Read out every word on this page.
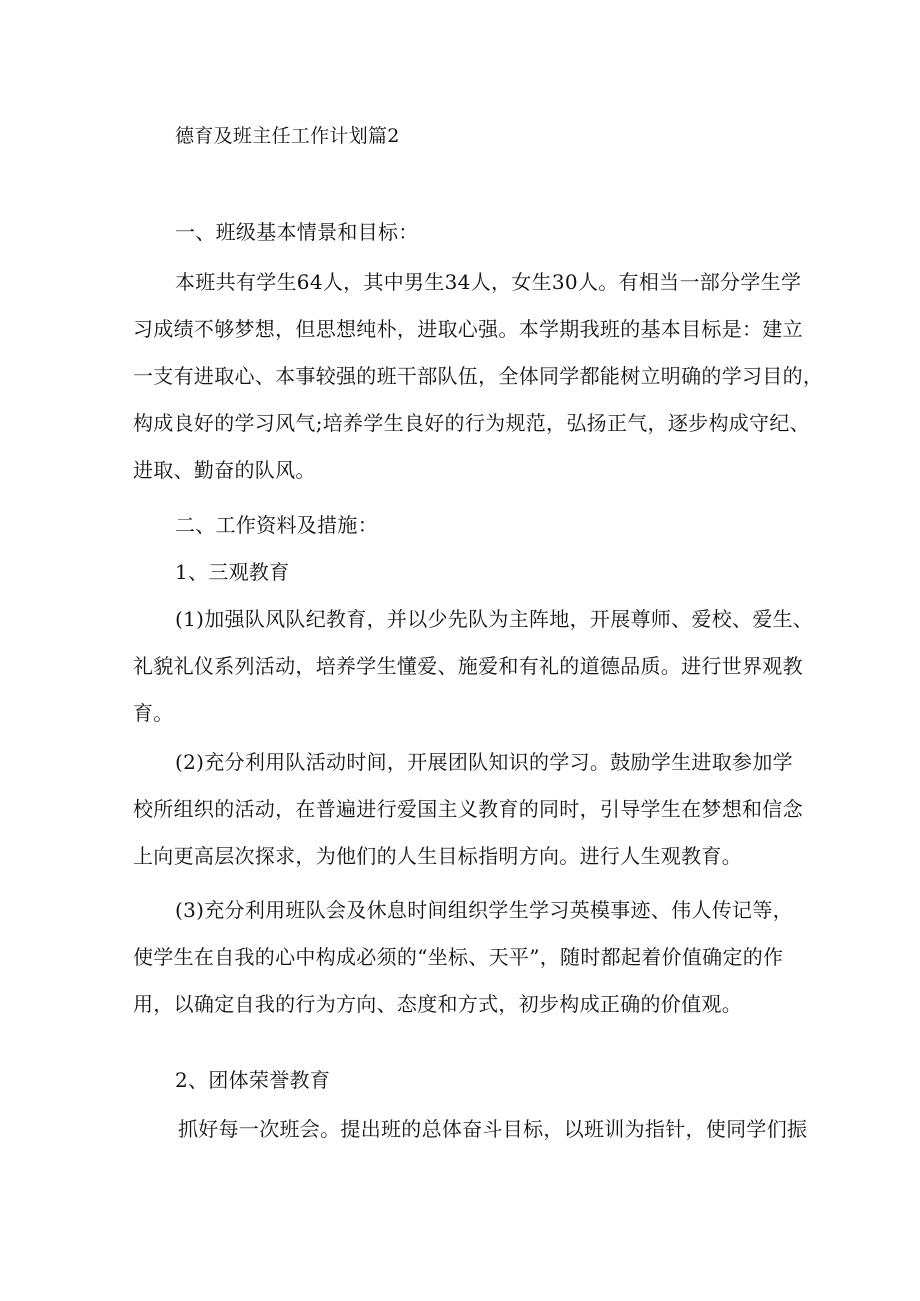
德育及班主任工作计划篇2
一、班级基本情景和目标：
本班共有学生64人，其中男生34人，女生30人。有相当一部分学生学
习成绩不够梦想，但思想纯朴，进取心强。本学期我班的基本目标是：建立
一支有进取心、本事较强的班干部队伍，全体同学都能树立明确的学习目的，
构成良好的学习风气;培养学生良好的行为规范，弘扬正气，逐步构成守纪、
进取、勤奋的队风。
二、工作资料及措施：
1、三观教育
(1)加强队风队纪教育，并以少先队为主阵地，开展尊师、爱校、爱生、
礼貌礼仪系列活动，培养学生懂爱、施爱和有礼的道德品质。进行世界观教
育。
(2)充分利用队活动时间，开展团队知识的学习。鼓励学生进取参加学
校所组织的活动，在普遍进行爱国主义教育的同时，引导学生在梦想和信念
上向更高层次探求，为他们的人生目标指明方向。进行人生观教育。
(3)充分利用班队会及休息时间组织学生学习英模事迹、伟人传记等，
使学生在自我的心中构成必须的“坐标、天平”，随时都起着价值确定的作
用，以确定自我的行为方向、态度和方式，初步构成正确的价值观。
2、团体荣誉教育
抓好每一次班会。提出班的总体奋斗目标，以班训为指针，使同学们振
